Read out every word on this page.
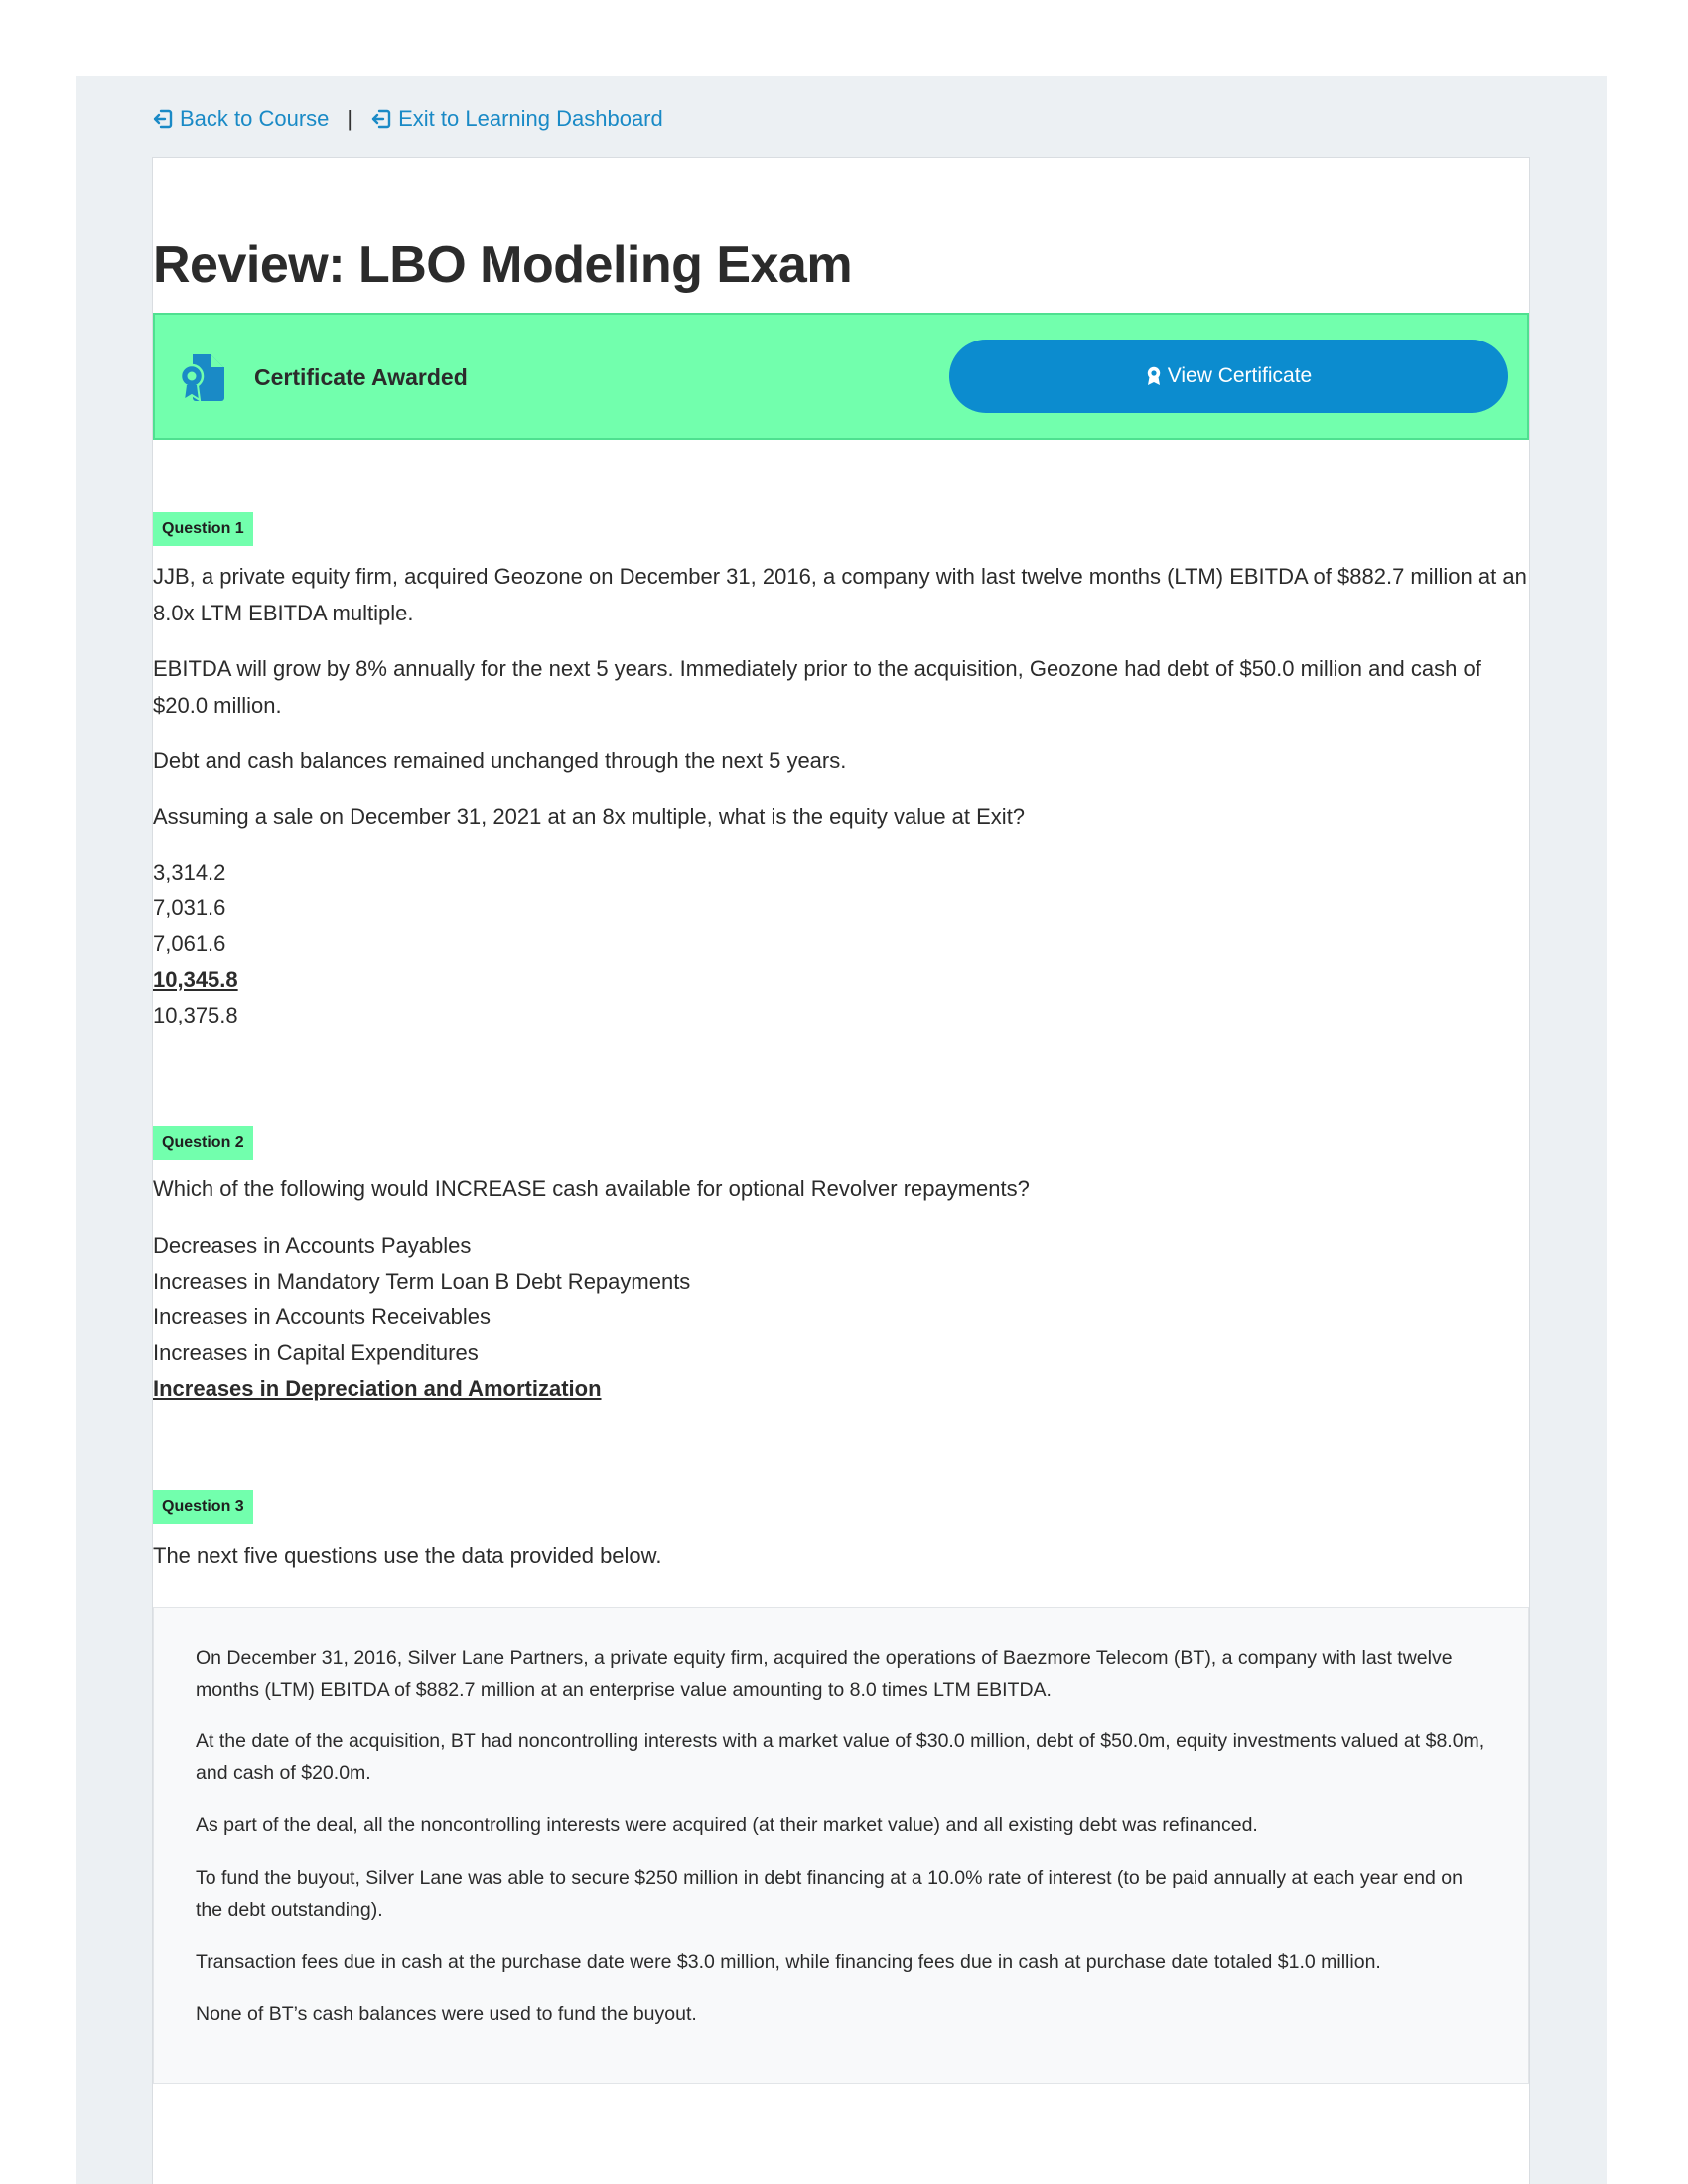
Back to Course | Exit to Learning Dashboard
Review: LBO Modeling Exam
Certificate Awarded	View Certificate
Question 1

JJB, a private equity firm, acquired Geozone on December 31, 2016, a company with last twelve months (LTM) EBITDA of $882.7 million at an 8.0x LTM EBITDA multiple.

EBITDA will grow by 8% annually for the next 5 years. Immediately prior to the acquisition, Geozone had debt of $50.0 million and cash of $20.0 million.

Debt and cash balances remained unchanged through the next 5 years.

Assuming a sale on December 31, 2021 at an 8x multiple, what is the equity value at Exit?

3,314.2
7,031.6
7,061.6
10,345.8
10,375.8
Question 2

Which of the following would INCREASE cash available for optional Revolver repayments?

Decreases in Accounts Payables
Increases in Mandatory Term Loan B Debt Repayments
Increases in Accounts Receivables
Increases in Capital Expenditures
Increases in Depreciation and Amortization
Question 3

The next five questions use the data provided below.

On December 31, 2016, Silver Lane Partners, a private equity firm, acquired the operations of Baezmore Telecom (BT), a company with last twelve months (LTM) EBITDA of $882.7 million at an enterprise value amounting to 8.0 times LTM EBITDA.

At the date of the acquisition, BT had noncontrolling interests with a market value of $30.0 million, debt of $50.0m, equity investments valued at $8.0m, and cash of $20.0m.

As part of the deal, all the noncontrolling interests were acquired (at their market value) and all existing debt was refinanced.

To fund the buyout, Silver Lane was able to secure $250 million in debt financing at a 10.0% rate of interest (to be paid annually at each year end on the debt outstanding).

Transaction fees due in cash at the purchase date were $3.0 million, while financing fees due in cash at purchase date totaled $1.0 million.

None of BT’s cash balances were used to fund the buyout.
